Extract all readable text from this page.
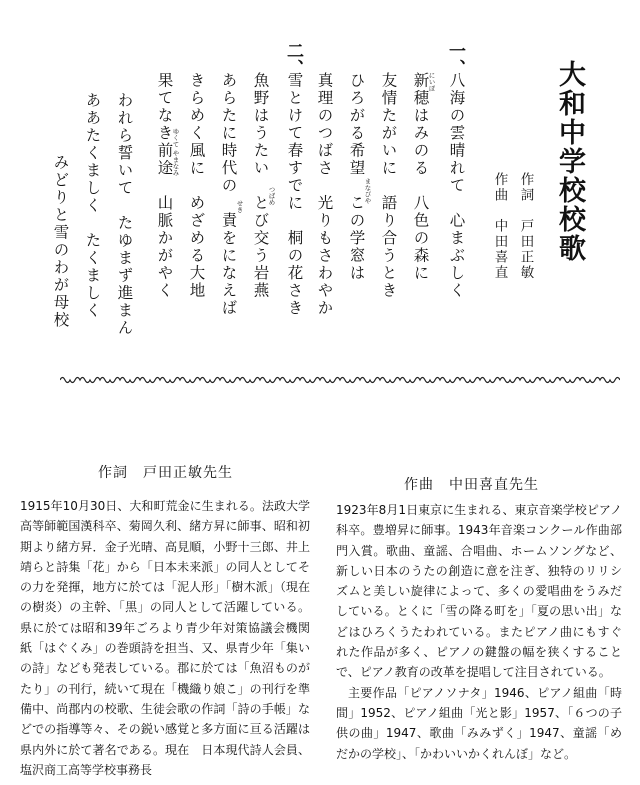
大和中学校校歌
作詞　戸田正敏
作曲　中田喜直
一、
八海の雲晴れて　心まぶしく
新穂はみのる　八色の森に
にいぼ
友情たがいに　語り合うとき
ひろがる希望　この学窓は
まなびや
真理のつばさ　光りもさわやか
二、
雪とけて春すでに　桐の花さき
魚野はうたい　とび交う岩燕
つばめ
あらたに時代の　責をになえば
せき
きらめく風に　めざめる大地
果てなき前途　山脈かがやく
やまなみ
ゆくて
われら誓いて　たゆまず進まん
ああたくましく　たくましく
みどりと雪のわが母校
作詞　戸田正敏先生

1915年10月30日、大和町荒金に生まれる。法政大学高等師範国漢科卒、菊岡久利、緒方昇に師事、昭和初期より緒方昇．金子光晴、高見順，小野十三郎、井上靖らと詩集「花」から「日本未来派」の同人としてその力を発揮，地方に於ては「泥人形」「樹木派」（現在の樹炎）の主幹、「黒」の同人として活躍している。県に於ては昭和39年ごろより青少年対策協議会機関紙「はぐくみ」の巻頭詩を担当、又、県青少年「集いの詩」なども発表している。郡に於ては「魚沼ものがたり」の刊行，続いて現在「機織り娘こ」の刊行を準備中、尚郡内の校歌、生徒会歌の作詞「詩の手帳」などでの指導等々、その鋭い感覚と多方面に亘る活躍は県内外に於て著名である。現在　日本現代詩人会員、塩沢商工高等学校事務長

作曲　中田喜直先生

1923年8月1日東京に生まれる、東京音楽学校ピアノ科卒。豊増昇に師事。1943年音楽コンクール作曲部門入賞。歌曲、童謡、合唱曲、ホームソングなど、新しい日本のうたの創造に意を注ぎ、独特のリリシズムと美しい旋律によって、多くの愛唱曲をうみだしている。とくに「雪の降る町を」「夏の思い出」などはひろくうたわれている。またピアノ曲にもすぐれた作品が多く、ピアノの鍵盤の幅を狭くすることで、ピアノ教育の改革を提唱して注目されている。

主要作品「ピアノソナタ」1946、ピアノ組曲「時間」1952、ピアノ組曲「光と影」1957、「６つの子供の曲」1947、歌曲「みみずく」1947、童謡「めだかの学校」、「かわいいかくれんぼ」など。
